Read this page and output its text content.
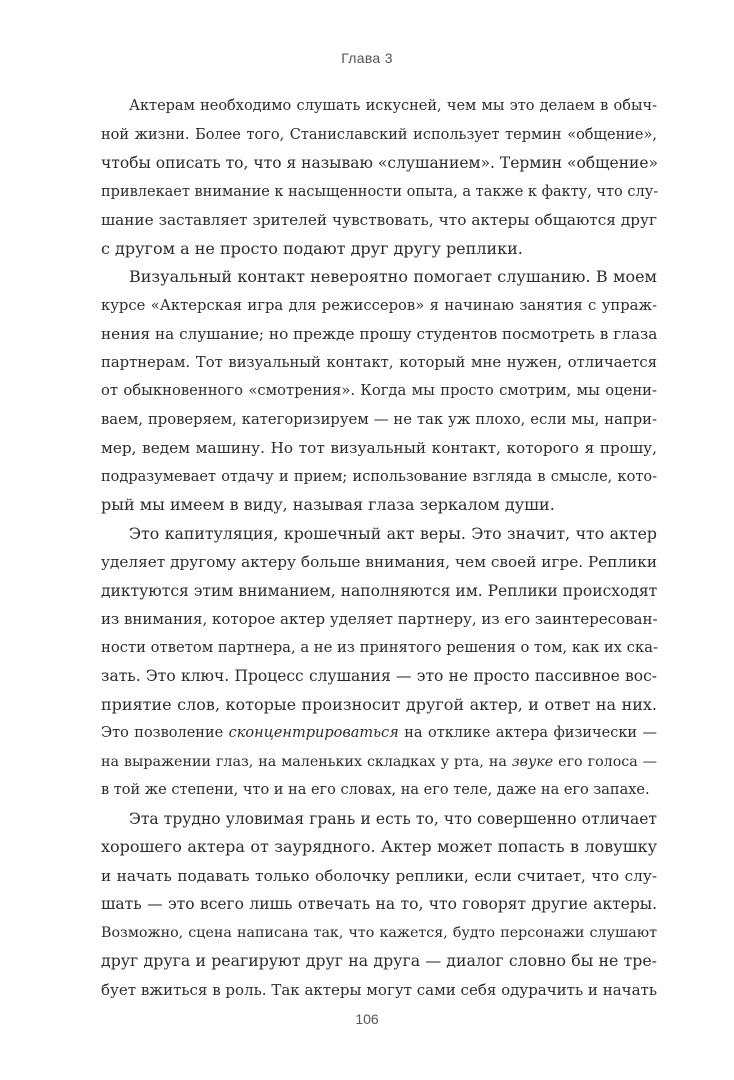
Глава 3
Актерам необходимо слушать искусней, чем мы это делаем в обыч-
ной жизни. Более того, Станиславский использует термин «общение»,
чтобы описать то, что я называю «слушанием». Термин «общение»
привлекает внимание к насыщенности опыта, а также к факту, что слу-
шание заставляет зрителей чувствовать, что актеры общаются друг
с другом а не просто подают друг другу реплики.
Визуальный контакт невероятно помогает слушанию. В моем
курсе «Актерская игра для режиссеров» я начинаю занятия с упраж-
нения на слушание; но прежде прошу студентов посмотреть в глаза
партнерам. Тот визуальный контакт, который мне нужен, отличается
от обыкновенного «смотрения». Когда мы просто смотрим, мы оцени-
ваем, проверяем, категоризируем — не так уж плохо, если мы, напри-
мер, ведем машину. Но тот визуальный контакт, которого я прошу,
подразумевает отдачу и прием; использование взгляда в смысле, кото-
рый мы имеем в виду, называя глаза зеркалом души.
Это капитуляция, крошечный акт веры. Это значит, что актер
уделяет другому актеру больше внимания, чем своей игре. Реплики
диктуются этим вниманием, наполняются им. Реплики происходят
из внимания, которое актер уделяет партнеру, из его заинтересован-
ности ответом партнера, а не из принятого решения о том, как их ска-
зать. Это ключ. Процесс слушания — это не просто пассивное вос-
приятие слов, которые произносит другой актер, и ответ на них.
Это позволение сконцентрироваться на отклике актера физически —
на выражении глаз, на маленьких складках у рта, на звуке его голоса —
в той же степени, что и на его словах, на его теле, даже на его запахе.
Эта трудно уловимая грань и есть то, что совершенно отличает
хорошего актера от заурядного. Актер может попасть в ловушку
и начать подавать только оболочку реплики, если считает, что слу-
шать — это всего лишь отвечать на то, что говорят другие актеры.
Возможно, сцена написана так, что кажется, будто персонажи слушают
друг друга и реагируют друг на друга — диалог словно бы не тре-
бует вжиться в роль. Так актеры могут сами себя одурачить и начать
106
